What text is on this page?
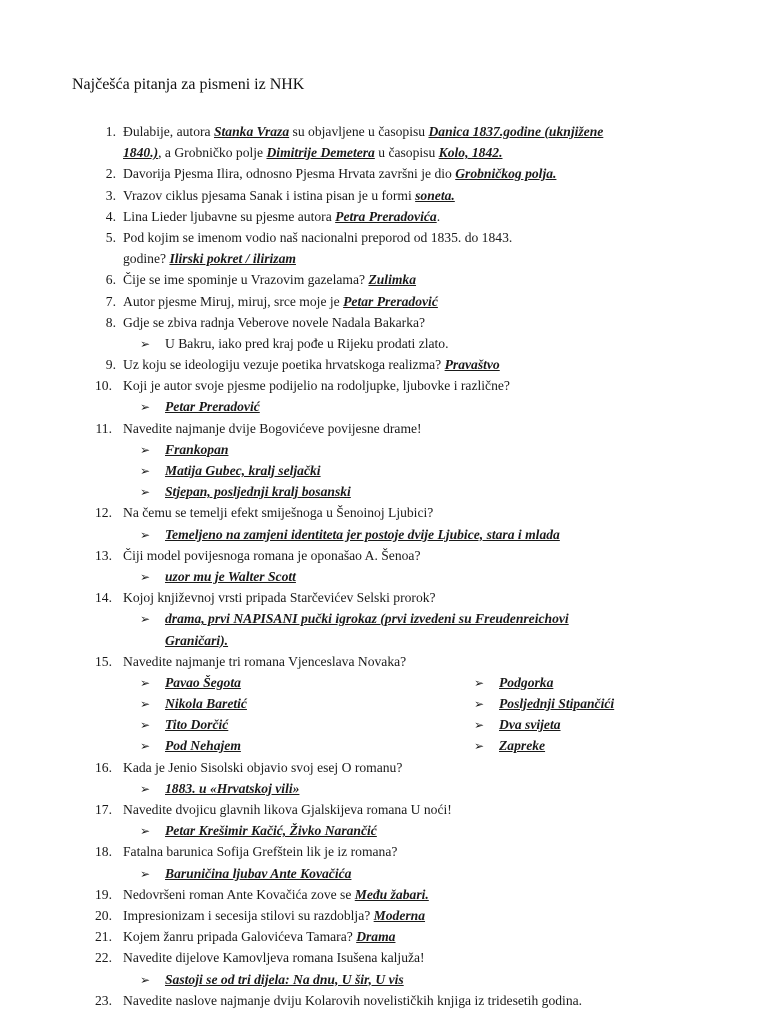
Najčešća pitanja za pismeni iz NHK
1. Đulabije, autora Stanka Vraza su objavljene u časopisu Danica 1837.godine (uknjižene
1840.), a Grobničko polje Dimitrije Demetera u časopisu Kolo, 1842.
2. Davorija Pjesma Ilira, odnosno Pjesma Hrvata završni je dio Grobničkog polja.
3. Vrazov ciklus pjesama Sanak i istina pisan je u formi soneta.
4. Lina Lieder ljubavne su pjesme autora Petra Preradovića.
5. Pod kojim se imenom vodio naš nacionalni preporod od 1835. do 1843.
godine? Ilirski pokret / ilirizam
6. Čije se ime spominje u Vrazovim gazelama? Zulimka
7. Autor pjesme Miruj, miruj, srce moje je Petar Preradović
8. Gdje se zbiva radnja Veberove novele Nadala Bakarka?
➢ U Bakru, iako pred kraj pođe u Rijeku prodati zlato.
9. Uz koju se ideologiju vezuje poetika hrvatskoga realizma? Pravaštvo
10. Koji je autor svoje pjesme podijelio na rodoljupke, ljubovke i različne?
➢ Petar Preradović
11. Navedite najmanje dvije Bogovićeve povijesne drame!
➢ Frankopan
➢ Matija Gubec, kralj seljački
➢ Stjepan, posljednji kralj bosanski
12. Na čemu se temelji efekt smiješnoga u Šenoinoj Ljubici?
➢ Temeljeno na zamjeni identiteta jer postoje dvije Ljubice, stara i mlada
13. Čiji model povijesnoga romana je oponašao A. Šenoa?
➢ uzor mu je Walter Scott
14. Kojoj književnoj vrsti pripada Starčevićev Selski prorok?
➢ drama, prvi NAPISANI pučki igrokaz (prvi izvedeni su Freudenreichovi
Graničari).
15. Navedite najmanje tri romana Vjenceslava Novaka?
➢ Pavao Šegota	➢ Podgorka
➢ Nikola Baretić	➢ Posljednji Stipančići
➢ Tito Dorčić	➢ Dva svijeta
➢ Pod Nehajem	➢ Zapreke
16. Kada je Jenio Sisolski objavio svoj esej O romanu?
➢ 1883. u «Hrvatskoj vili»
17. Navedite dvojicu glavnih likova Gjalskijeva romana U noći!
➢ Petar Krešimir Kačić, Živko Narančić
18. Fatalna barunica Sofija Grefštein lik je iz romana?
➢ Baruničina ljubav Ante Kovačića
19. Nedovršeni roman Ante Kovačića zove se Među žabari.
20. Impresionizam i secesija stilovi su razdoblja? Moderna
21. Kojem žanru pripada Galovićeva Tamara? Drama
22. Navedite dijelove Kamovljeva romana Isušena kaljuža!
➢ Sastoji se od tri dijela: Na dnu, U šir, U vis
23. Navedite naslove najmanje dviju Kolarovih novelističkih knjiga iz tridesetih godina.
